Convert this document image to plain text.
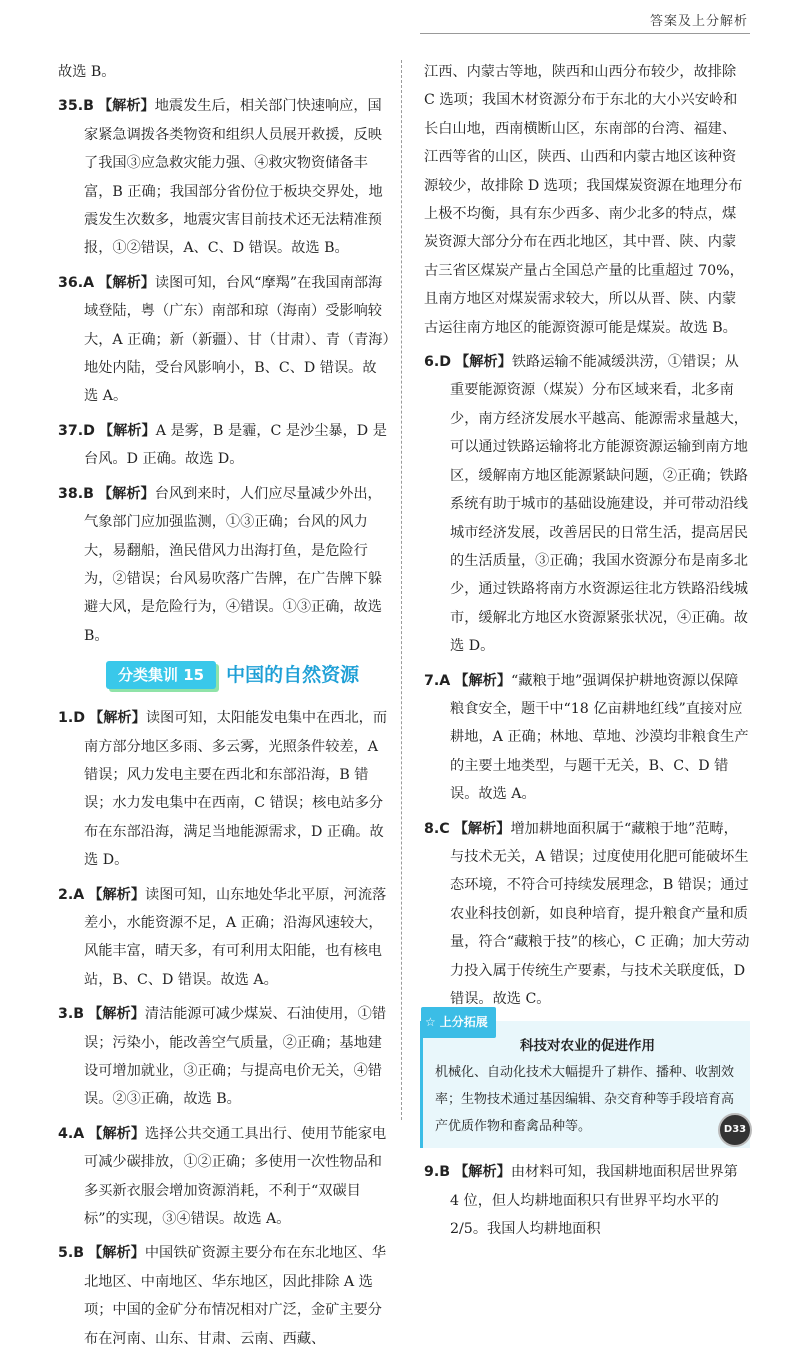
答案及上分解析

故选 B。

35.B 【解析】地震发生后，相关部门快速响应，国家紧急调拨各类物资和组织人员展开救援，反映了我国③应急救灾能力强、④救灾物资储备丰富，B 正确；我国部分省份位于板块交界处，地震发生次数多，地震灾害目前技术还无法精准预报，①②错误，A、C、D 错误。故选 B。

36.A 【解析】读图可知，台风“摩羯”在我国南部海域登陆，粤（广东）南部和琼（海南）受影响较大，A 正确；新（新疆）、甘（甘肃）、青（青海）地处内陆，受台风影响小，B、C、D 错误。故选 A。

37.D 【解析】A 是雾，B 是霾，C 是沙尘暴，D 是台风。D 正确。故选 D。

38.B 【解析】台风到来时，人们应尽量减少外出，气象部门应加强监测，①③正确；台风的风力大，易翻船，渔民借风力出海打鱼，是危险行为，②错误；台风易吹落广告牌，在广告牌下躲避大风，是危险行为，④错误。①③正确，故选 B。

分类集训 15	中国的自然资源

1.D 【解析】读图可知，太阳能发电集中在西北，而南方部分地区多雨、多云雾，光照条件较差，A 错误；风力发电主要在西北和东部沿海，B 错误；水力发电集中在西南，C 错误；核电站多分布在东部沿海，满足当地能源需求，D 正确。故选 D。

2.A 【解析】读图可知，山东地处华北平原，河流落差小，水能资源不足，A 正确；沿海风速较大，风能丰富，晴天多，有可利用太阳能，也有核电站，B、C、D 错误。故选 A。

3.B 【解析】清洁能源可减少煤炭、石油使用，①错误；污染小，能改善空气质量，②正确；基地建设可增加就业，③正确；与提高电价无关，④错误。②③正确，故选 B。

4.A 【解析】选择公共交通工具出行、使用节能家电可减少碳排放，①②正确；多使用一次性物品和多买新衣服会增加资源消耗，不利于“双碳目标”的实现，③④错误。故选 A。

5.B 【解析】中国铁矿资源主要分布在东北地区、华北地区、中南地区、华东地区，因此排除 A 选项；中国的金矿分布情况相对广泛，金矿主要分布在河南、山东、甘肃、云南、西藏、

江西、内蒙古等地，陕西和山西分布较少，故排除 C 选项；我国木材资源分布于东北的大小兴安岭和长白山地，西南横断山区，东南部的台湾、福建、江西等省的山区，陕西、山西和内蒙古地区该种资源较少，故排除 D 选项；我国煤炭资源在地理分布上极不均衡，具有东少西多、南少北多的特点，煤炭资源大部分分布在西北地区，其中晋、陕、内蒙古三省区煤炭产量占全国总产量的比重超过 70%，且南方地区对煤炭需求较大，所以从晋、陕、内蒙古运往南方地区的能源资源可能是煤炭。故选 B。

6.D 【解析】铁路运输不能减缓洪涝，①错误；从重要能源资源（煤炭）分布区域来看，北多南少，南方经济发展水平越高、能源需求量越大，可以通过铁路运输将北方能源资源运输到南方地区，缓解南方地区能源紧缺问题，②正确；铁路系统有助于城市的基础设施建设，并可带动沿线城市经济发展，改善居民的日常生活，提高居民的生活质量，③正确；我国水资源分布是南多北少，通过铁路将南方水资源运往北方铁路沿线城市，缓解北方地区水资源紧张状况，④正确。故选 D。

7.A 【解析】“藏粮于地”强调保护耕地资源以保障粮食安全，题干中“18 亿亩耕地红线”直接对应耕地，A 正确；林地、草地、沙漠均非粮食生产的主要土地类型，与题干无关，B、C、D 错误。故选 A。

8.C 【解析】增加耕地面积属于“藏粮于地”范畴，与技术无关，A 错误；过度使用化肥可能破坏生态环境，不符合可持续发展理念，B 错误；通过农业科技创新，如良种培育，提升粮食产量和质量，符合“藏粮于技”的核心，C 正确；加大劳动力投入属于传统生产要素，与技术关联度低，D 错误。故选 C。

☆ 上分拓展
科技对农业的促进作用
机械化、自动化技术大幅提升了耕作、播种、收割效率；生物技术通过基因编辑、杂交育种等手段培育高产优质作物和畜禽品种等。

9.B 【解析】由材料可知，我国耕地面积居世界第 4 位，但人均耕地面积只有世界平均水平的 2/5。我国人均耕地面积

D33
